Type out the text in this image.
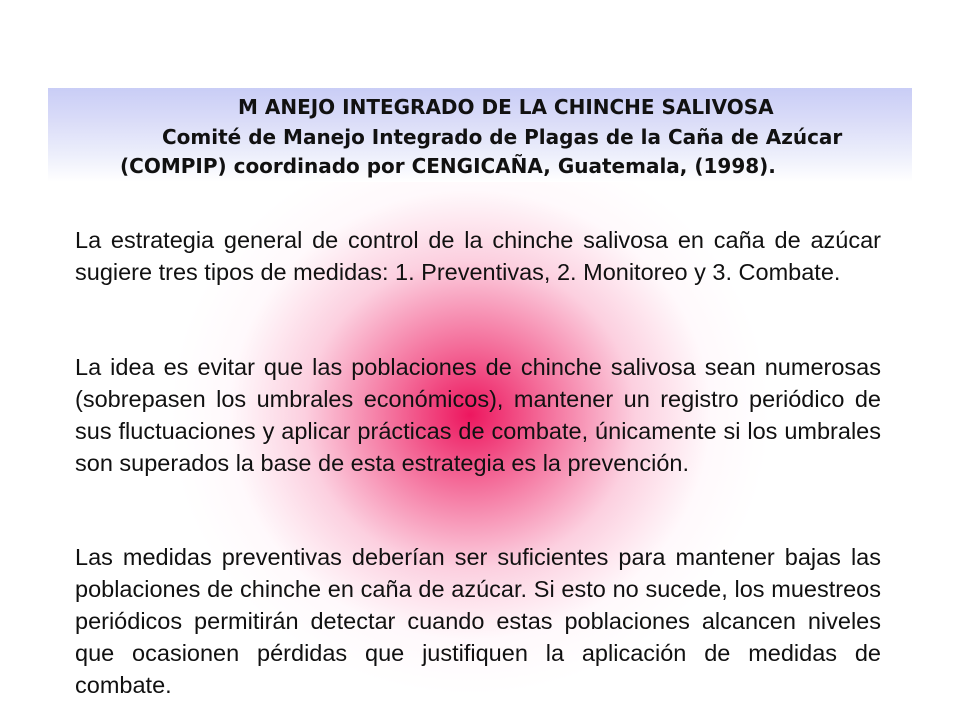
M ANEJO INTEGRADO DE LA CHINCHE SALIVOSA
Comité de Manejo Integrado de Plagas de la Caña de Azúcar
(COMPIP) coordinado por CENGICAÑA, Guatemala, (1998).

La estrategia general de control de la chinche salivosa en caña de azúcar sugiere tres tipos de medidas: 1. Preventivas, 2. Monitoreo y 3. Combate.

La idea es evitar que las poblaciones de chinche salivosa sean numerosas (sobrepasen los umbrales económicos), mantener un registro periódico de sus fluctuaciones y aplicar prácticas de combate, únicamente si los umbrales son superados la base de esta estrategia es la prevención.

Las medidas preventivas deberían ser suficientes para mantener bajas las poblaciones de chinche en caña de azúcar. Si esto no sucede, los muestreos periódicos permitirán detectar cuando estas poblaciones alcancen niveles que ocasionen pérdidas que justifiquen la aplicación de medidas de combate.
